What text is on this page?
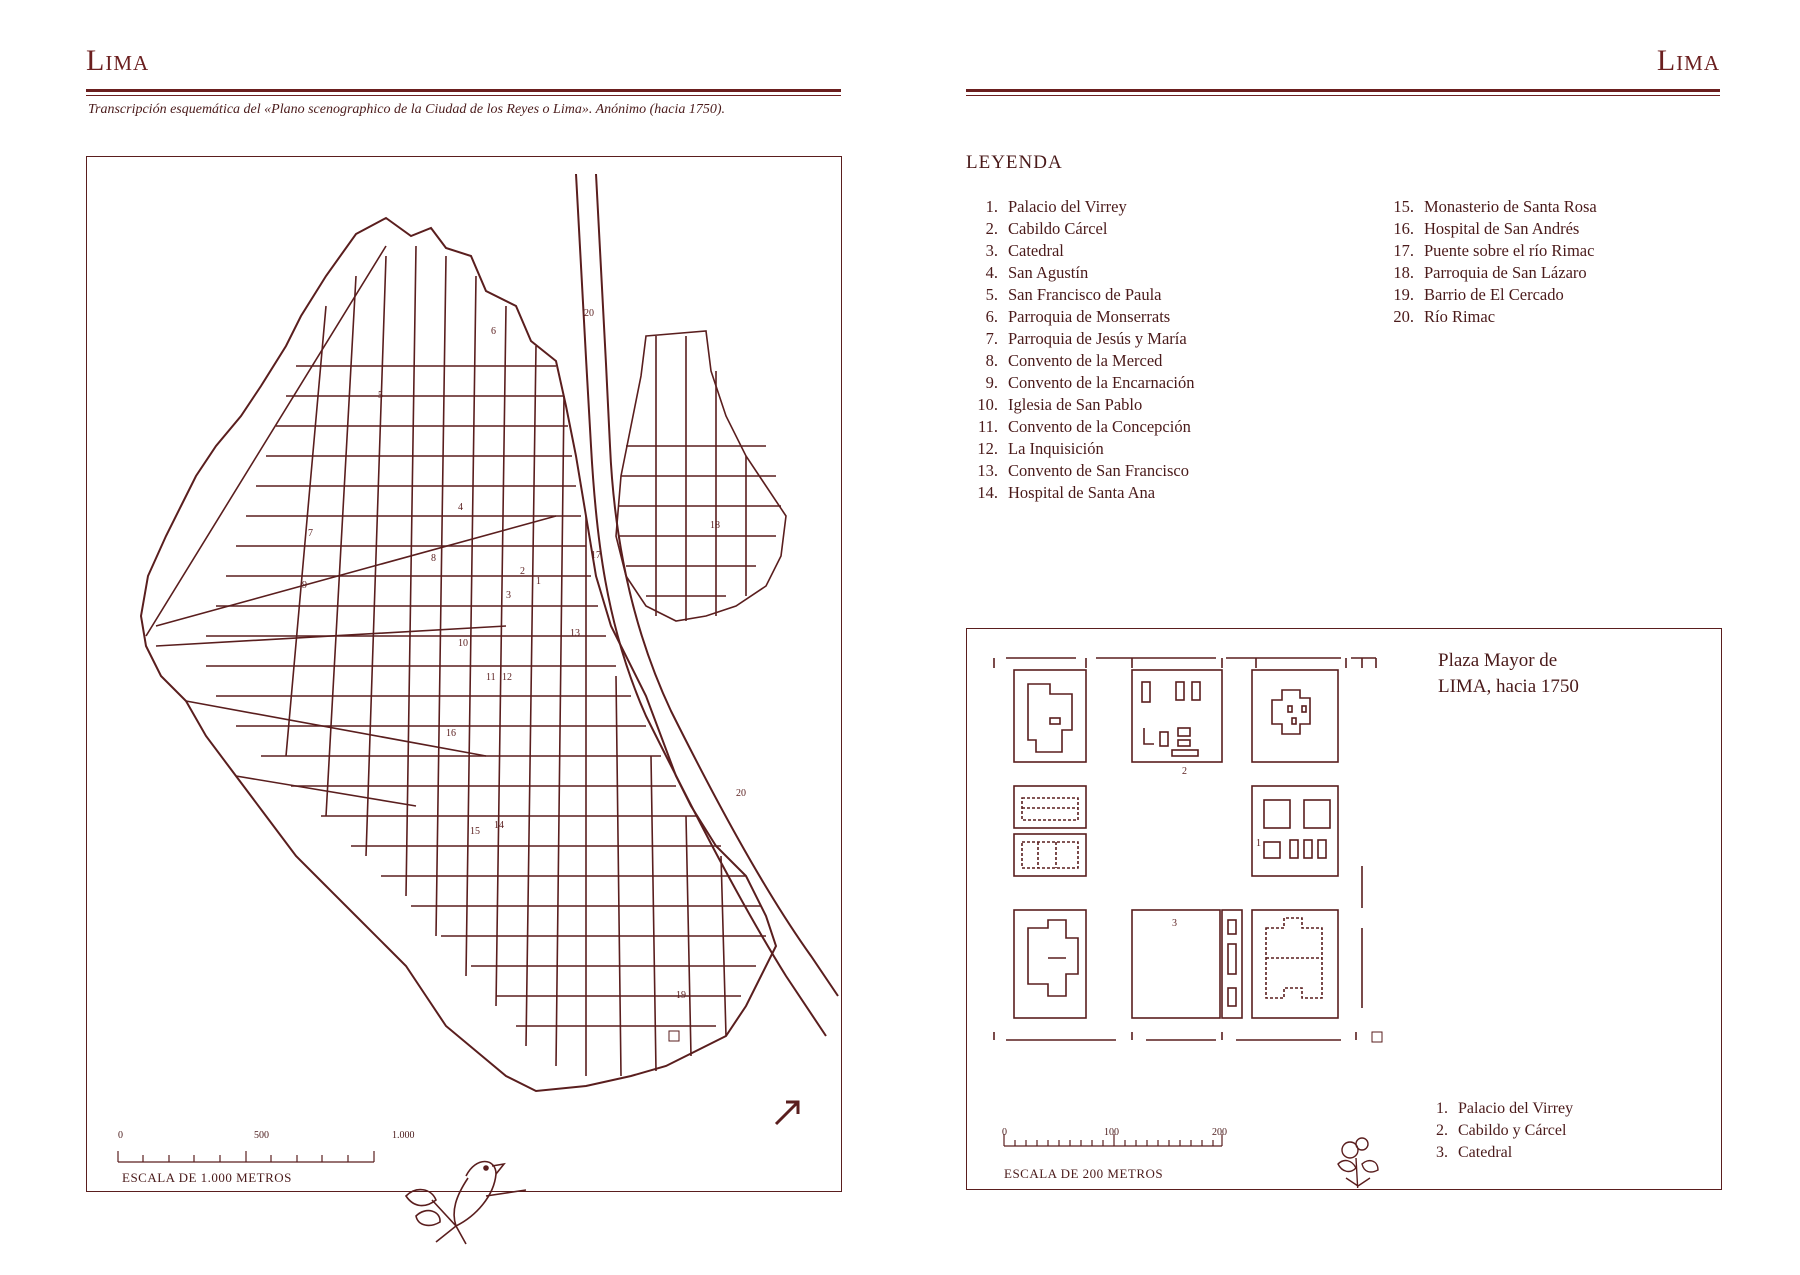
Lima
Transcripción esquemática del «Plano scenographico de la Ciudad de los Reyes o Lima». Anónimo (hacia 1750).
1
2
3
4
5
6
7
8
9
10
11 12
13
14
15
16
17
18
19
20
20
0	500	1.000
ESCALA DE 1.000 METROS
Lima
LEYENDA
1. Palacio del Virrey
2. Cabildo Cárcel
3. Catedral
4. San Agustín
5. San Francisco de Paula
6. Parroquia de Monserrats
7. Parroquia de Jesús y María
8. Convento de la Merced
9. Convento de la Encarnación
10. Iglesia de San Pablo
11. Convento de la Concepción
12. La Inquisición
13. Convento de San Francisco
14. Hospital de Santa Ana
15. Monasterio de Santa Rosa
16. Hospital de San Andrés
17. Puente sobre el río Rimac
18. Parroquia de San Lázaro
19. Barrio de El Cercado
20. Río Rimac
2
1
3
Plaza Mayor de
LIMA, hacia 1750
1. Palacio del Virrey
2. Cabildo y Cárcel
3. Catedral
0	100	200
ESCALA DE 200 METROS
